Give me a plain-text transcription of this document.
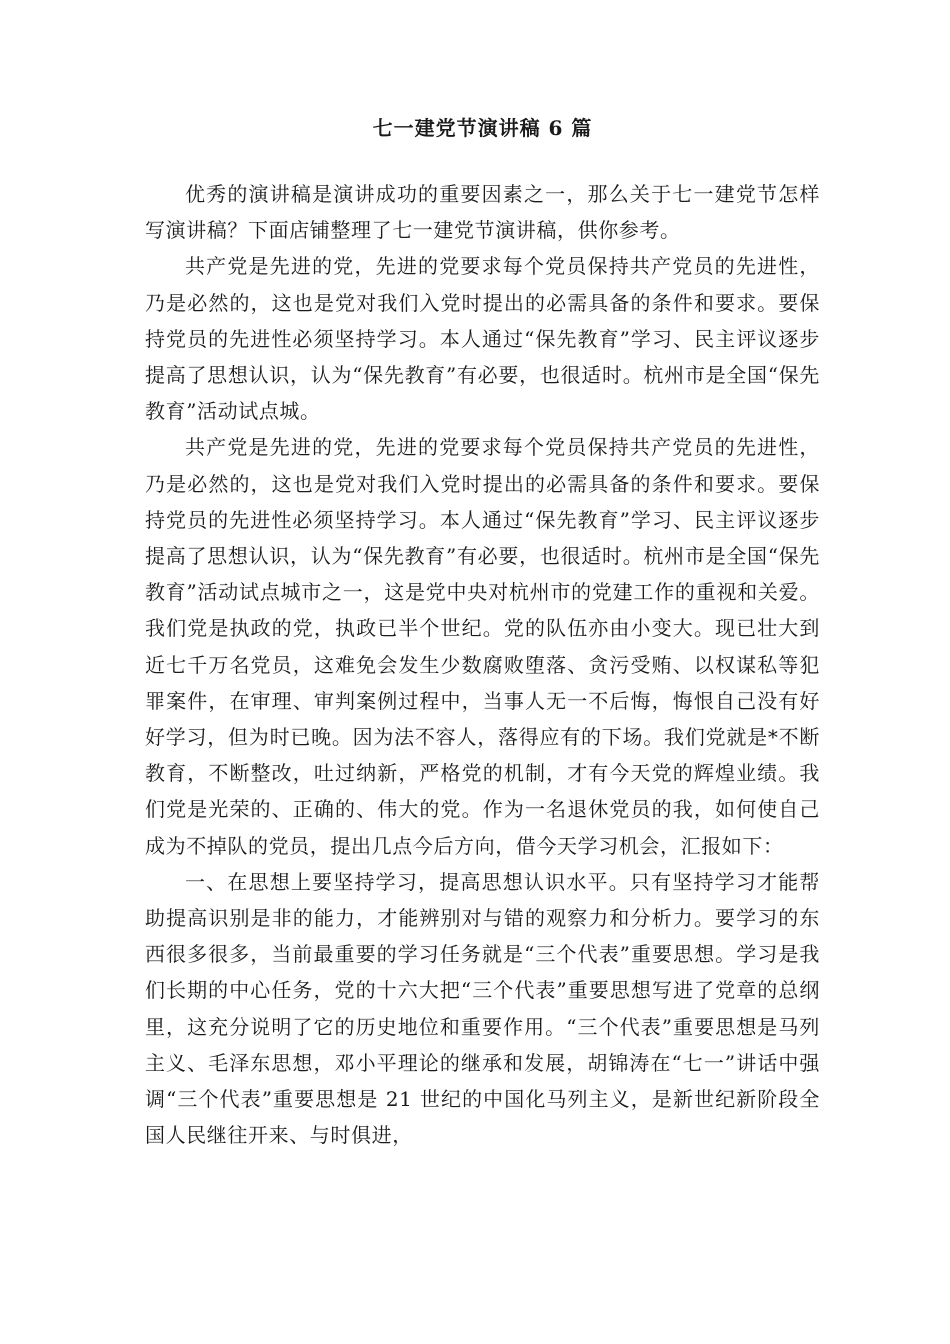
七一建党节演讲稿 6 篇

优秀的演讲稿是演讲成功的重要因素之一，那么关于七一建党节怎样写演讲稿？下面店铺整理了七一建党节演讲稿，供你参考。

共产党是先进的党，先进的党要求每个党员保持共产党员的先进性，乃是必然的，这也是党对我们入党时提出的必需具备的条件和要求。要保持党员的先进性必须坚持学习。本人通过“保先教育”学习、民主评议逐步提高了思想认识，认为“保先教育”有必要，也很适时。杭州市是全国“保先教育”活动试点城。

共产党是先进的党，先进的党要求每个党员保持共产党员的先进性，乃是必然的，这也是党对我们入党时提出的必需具备的条件和要求。要保持党员的先进性必须坚持学习。本人通过“保先教育”学习、民主评议逐步提高了思想认识，认为“保先教育”有必要，也很适时。杭州市是全国“保先教育”活动试点城市之一，这是党中央对杭州市的党建工作的重视和关爱。我们党是执政的党，执政已半个世纪。党的队伍亦由小变大。现已壮大到近七千万名党员，这难免会发生少数腐败堕落、贪污受贿、以权谋私等犯罪案件，在审理、审判案例过程中，当事人无一不后悔，悔恨自己没有好好学习，但为时已晚。因为法不容人，落得应有的下场。我们党就是*不断教育，不断整改，吐过纳新，严格党的机制，才有今天党的辉煌业绩。我们党是光荣的、正确的、伟大的党。作为一名退休党员的我，如何使自己成为不掉队的党员，提出几点今后方向，借今天学习机会，汇报如下：

一、在思想上要坚持学习，提高思想认识水平。只有坚持学习才能帮助提高识别是非的能力，才能辨别对与错的观察力和分析力。要学习的东西很多很多，当前最重要的学习任务就是“三个代表”重要思想。学习是我们长期的中心任务，党的十六大把“三个代表”重要思想写进了党章的总纲里，这充分说明了它的历史地位和重要作用。“三个代表”重要思想是马列主义、毛泽东思想，邓小平理论的继承和发展，胡锦涛在“七一”讲话中强调“三个代表”重要思想是 21 世纪的中国化马列主义，是新世纪新阶段全国人民继往开来、与时俱进，
